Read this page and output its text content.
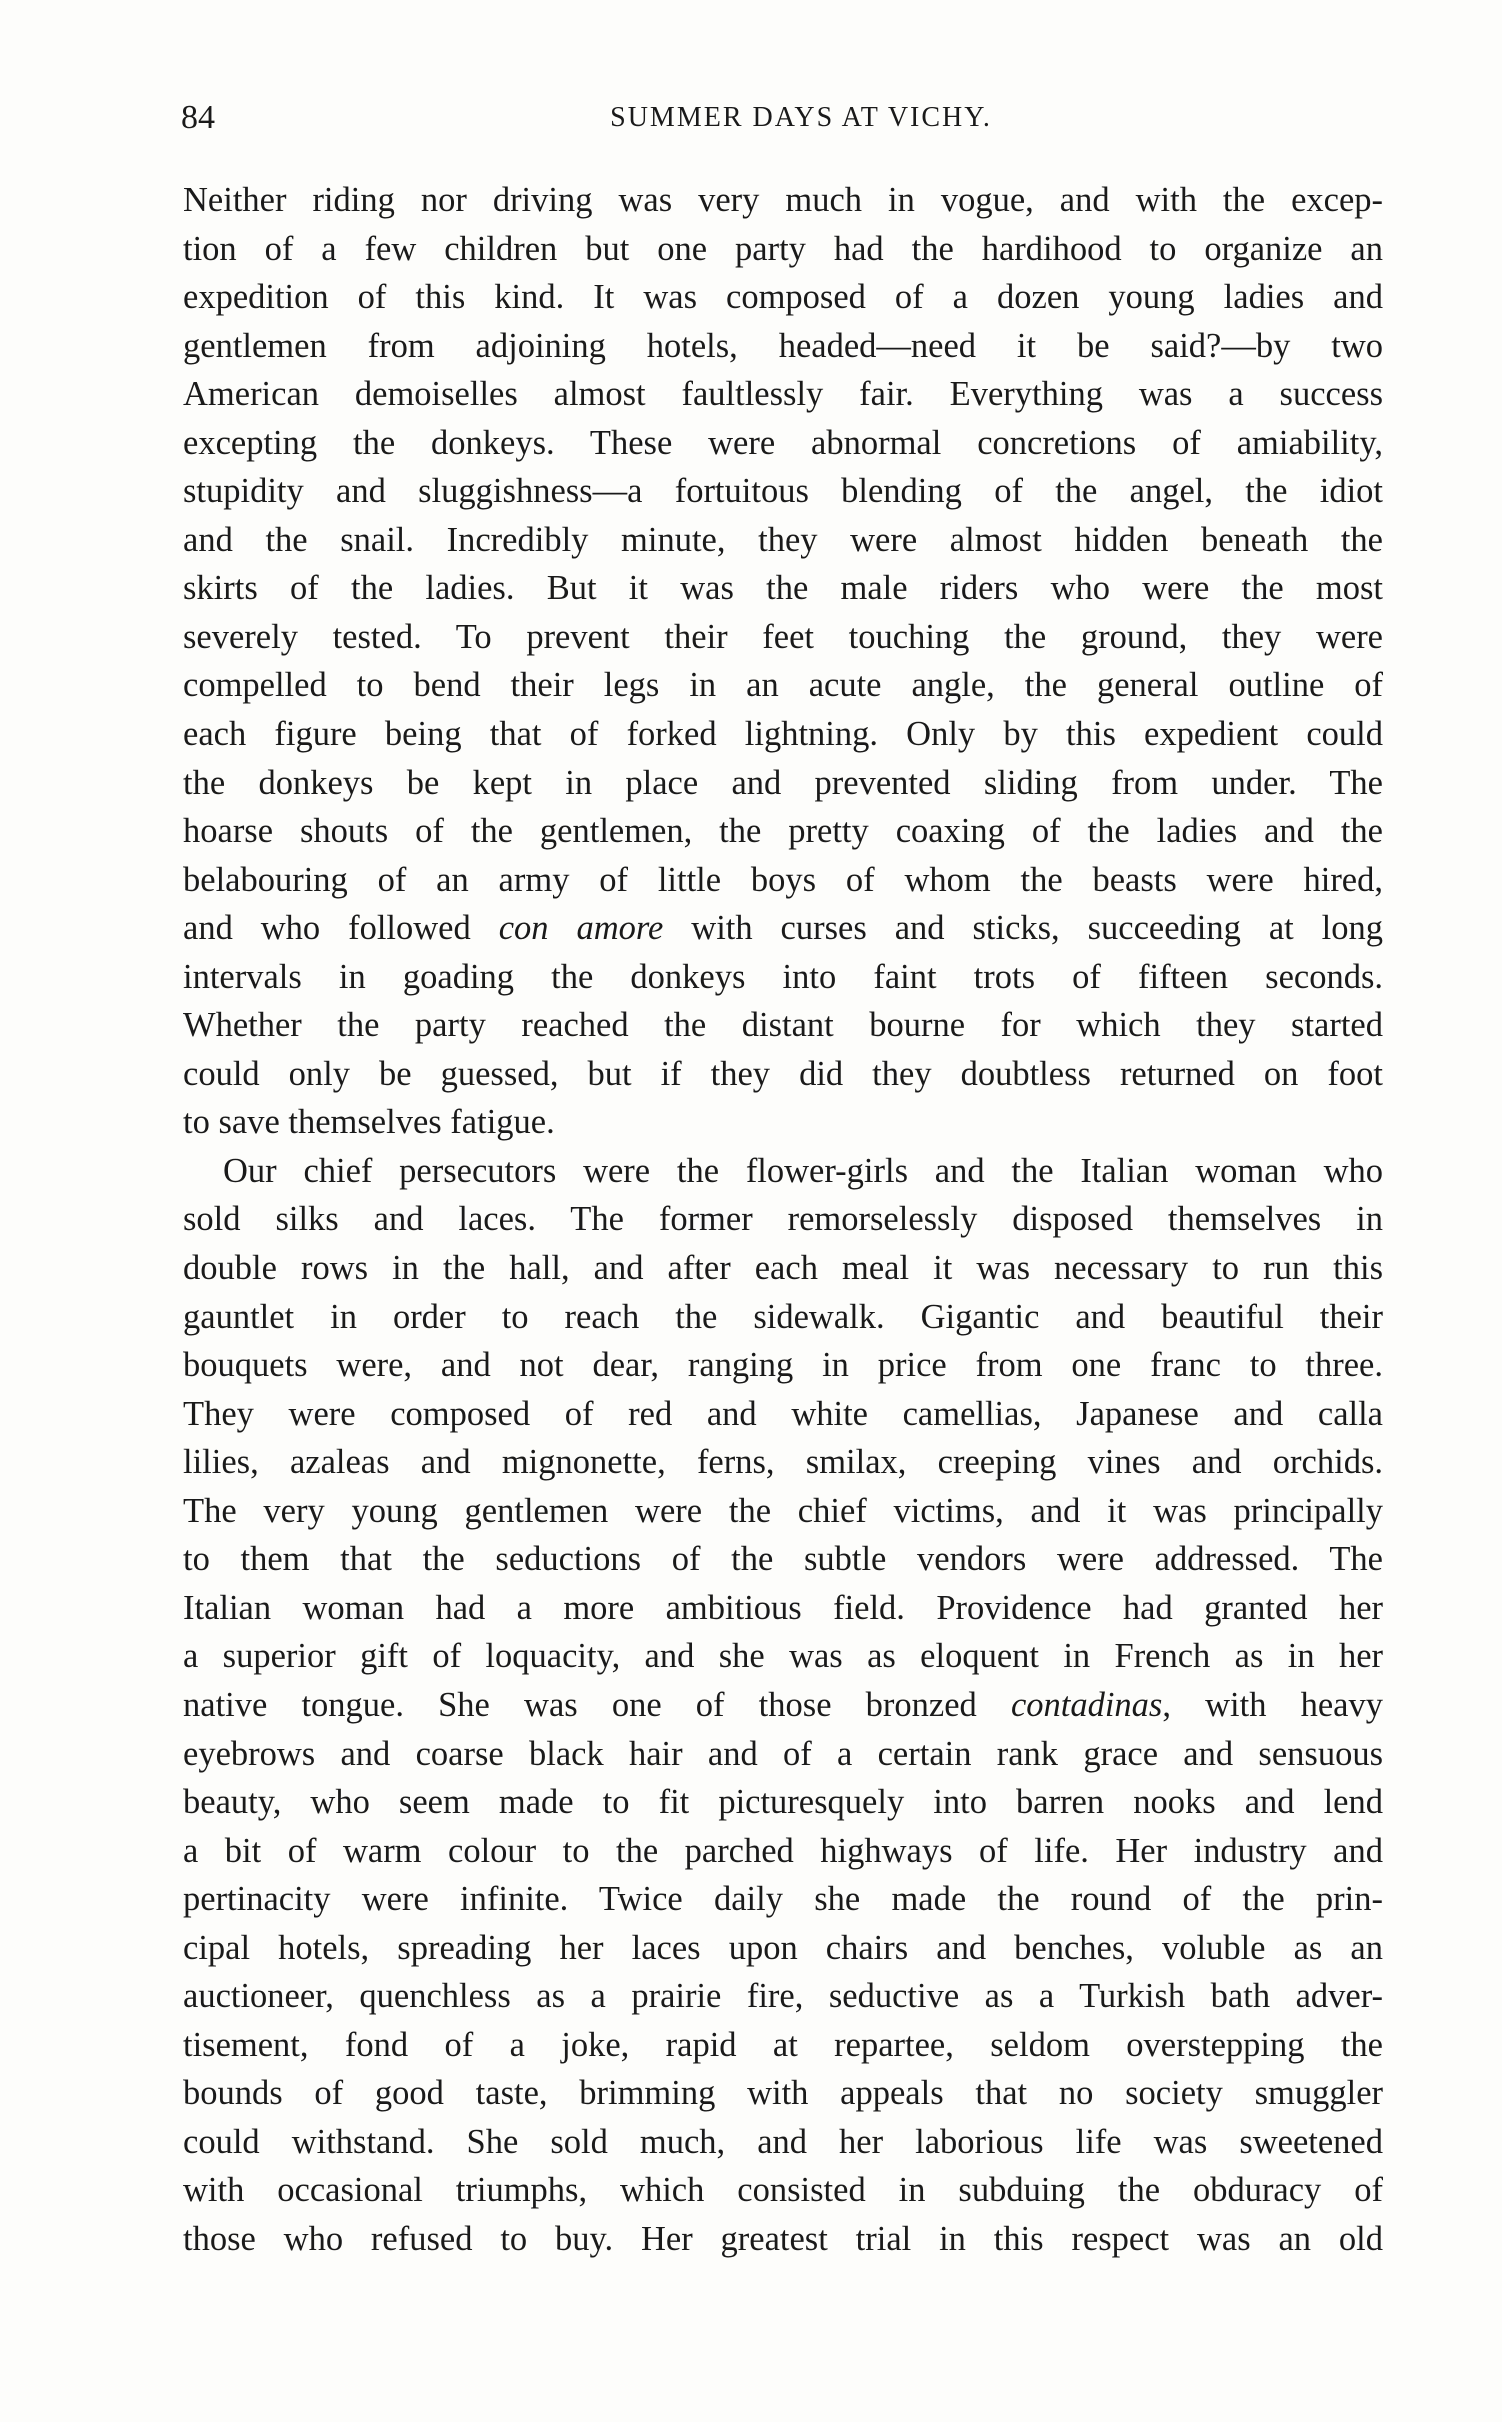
84	SUMMER DAYS AT VICHY.
Neither riding nor driving was very much in vogue, and with the excep-
tion of a few children but one party had the hardihood to organize an
expedition of this kind. It was composed of a dozen young ladies and
gentlemen from adjoining hotels, headed—need it be said?—by two
American demoiselles almost faultlessly fair. Everything was a success
excepting the donkeys. These were abnormal concretions of amiability,
stupidity and sluggishness—a fortuitous blending of the angel, the idiot
and the snail. Incredibly minute, they were almost hidden beneath the
skirts of the ladies. But it was the male riders who were the most
severely tested. To prevent their feet touching the ground, they were
compelled to bend their legs in an acute angle, the general outline of
each figure being that of forked lightning. Only by this expedient could
the donkeys be kept in place and prevented sliding from under. The
hoarse shouts of the gentlemen, the pretty coaxing of the ladies and the
belabouring of an army of little boys of whom the beasts were hired,
and who followed con amore with curses and sticks, succeeding at long
intervals in goading the donkeys into faint trots of fifteen seconds.
Whether the party reached the distant bourne for which they started
could only be guessed, but if they did they doubtless returned on foot
to save themselves fatigue.
Our chief persecutors were the flower-girls and the Italian woman who
sold silks and laces. The former remorselessly disposed themselves in
double rows in the hall, and after each meal it was necessary to run this
gauntlet in order to reach the sidewalk. Gigantic and beautiful their
bouquets were, and not dear, ranging in price from one franc to three.
They were composed of red and white camellias, Japanese and calla
lilies, azaleas and mignonette, ferns, smilax, creeping vines and orchids.
The very young gentlemen were the chief victims, and it was principally
to them that the seductions of the subtle vendors were addressed. The
Italian woman had a more ambitious field. Providence had granted her
a superior gift of loquacity, and she was as eloquent in French as in her
native tongue. She was one of those bronzed contadinas, with heavy
eyebrows and coarse black hair and of a certain rank grace and sensuous
beauty, who seem made to fit picturesquely into barren nooks and lend
a bit of warm colour to the parched highways of life. Her industry and
pertinacity were infinite. Twice daily she made the round of the prin-
cipal hotels, spreading her laces upon chairs and benches, voluble as an
auctioneer, quenchless as a prairie fire, seductive as a Turkish bath adver-
tisement, fond of a joke, rapid at repartee, seldom overstepping the
bounds of good taste, brimming with appeals that no society smuggler
could withstand. She sold much, and her laborious life was sweetened
with occasional triumphs, which consisted in subduing the obduracy of
those who refused to buy. Her greatest trial in this respect was an old
